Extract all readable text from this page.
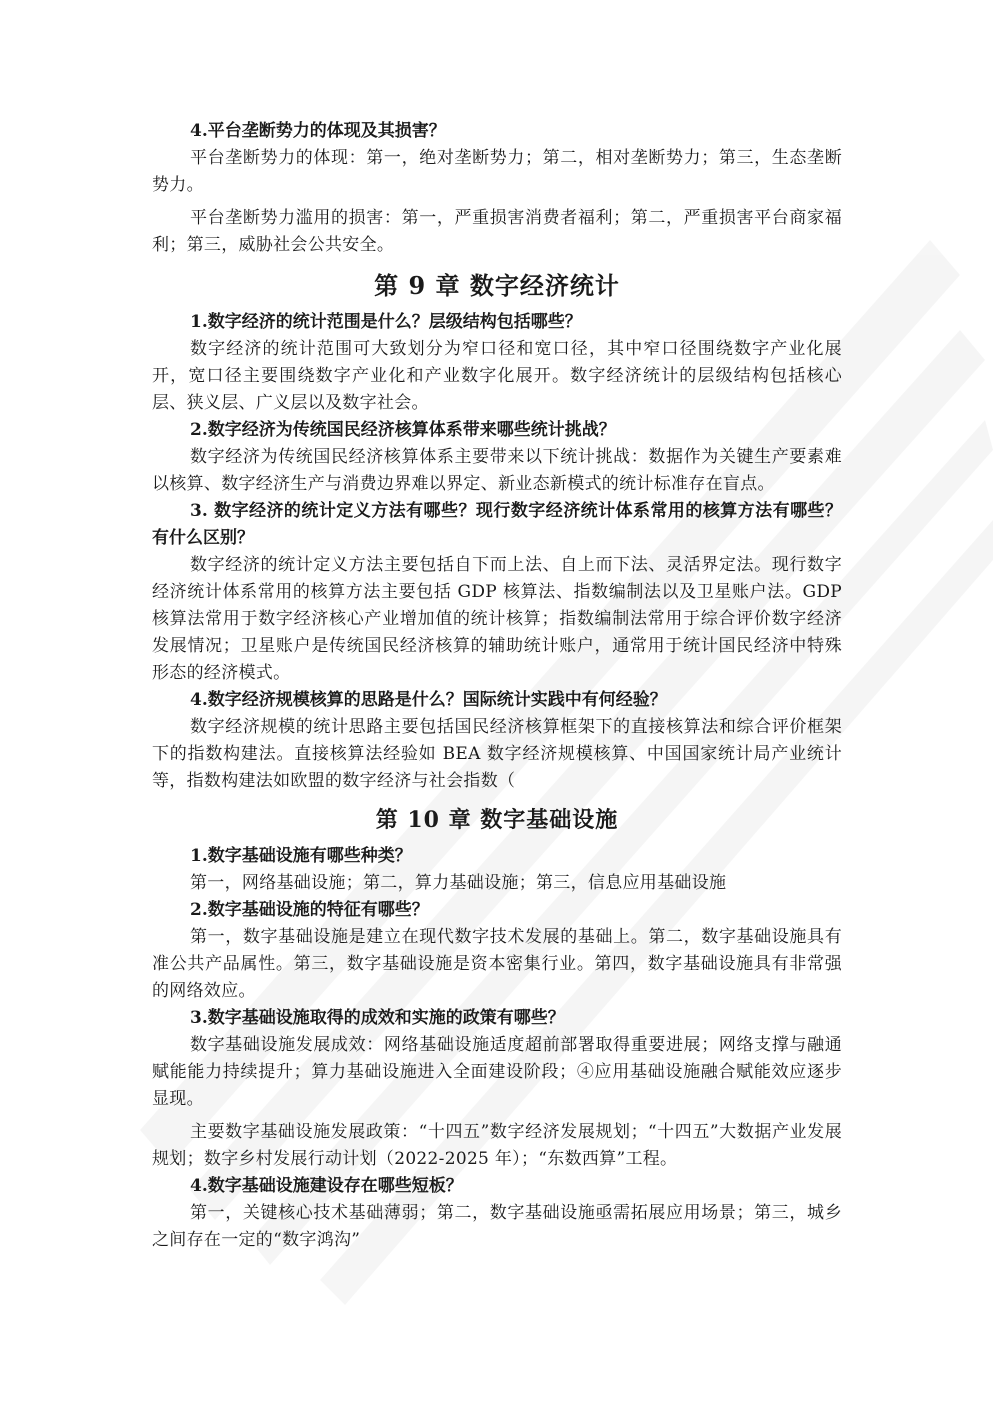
4.平台垄断势力的体现及其损害？

平台垄断势力的体现：第一，绝对垄断势力；第二，相对垄断势力；第三，生态垄断势力。

平台垄断势力滥用的损害：第一，严重损害消费者福利；第二，严重损害平台商家福利；第三，威胁社会公共安全。

第 9 章 数字经济统计

1.数字经济的统计范围是什么？层级结构包括哪些？

数字经济的统计范围可大致划分为窄口径和宽口径，其中窄口径围绕数字产业化展开，宽口径主要围绕数字产业化和产业数字化展开。数字经济统计的层级结构包括核心层、狭义层、广义层以及数字社会。

2.数字经济为传统国民经济核算体系带来哪些统计挑战？

数字经济为传统国民经济核算体系主要带来以下统计挑战：数据作为关键生产要素难以核算、数字经济生产与消费边界难以界定、新业态新模式的统计标准存在盲点。

3. 数字经济的统计定义方法有哪些？现行数字经济统计体系常用的核算方法有哪些？有什么区别？

数字经济的统计定义方法主要包括自下而上法、自上而下法、灵活界定法。现行数字经济统计体系常用的核算方法主要包括 GDP 核算法、指数编制法以及卫星账户法。GDP 核算法常用于数字经济核心产业增加值的统计核算；指数编制法常用于综合评价数字经济发展情况；卫星账户是传统国民经济核算的辅助统计账户，通常用于统计国民经济中特殊形态的经济模式。

4.数字经济规模核算的思路是什么？国际统计实践中有何经验？

数字经济规模的统计思路主要包括国民经济核算框架下的直接核算法和综合评价框架下的指数构建法。直接核算法经验如 BEA 数字经济规模核算、中国国家统计局产业统计等，指数构建法如欧盟的数字经济与社会指数（

第 10 章 数字基础设施

1.数字基础设施有哪些种类？

第一，网络基础设施；第二，算力基础设施；第三，信息应用基础设施

2.数字基础设施的特征有哪些？

第一，数字基础设施是建立在现代数字技术发展的基础上。第二，数字基础设施具有准公共产品属性。第三，数字基础设施是资本密集行业。第四，数字基础设施具有非常强的网络效应。

3.数字基础设施取得的成效和实施的政策有哪些？

数字基础设施发展成效：网络基础设施适度超前部署取得重要进展；网络支撑与融通赋能能力持续提升；算力基础设施进入全面建设阶段；④应用基础设施融合赋能效应逐步显现。

主要数字基础设施发展政策：“十四五”数字经济发展规划；“十四五”大数据产业发展规划；数字乡村发展行动计划（2022-2025 年）；“东数西算”工程。

4.数字基础设施建设存在哪些短板？

第一，关键核心技术基础薄弱；第二，数字基础设施亟需拓展应用场景；第三，城乡之间存在一定的“数字鸿沟”
